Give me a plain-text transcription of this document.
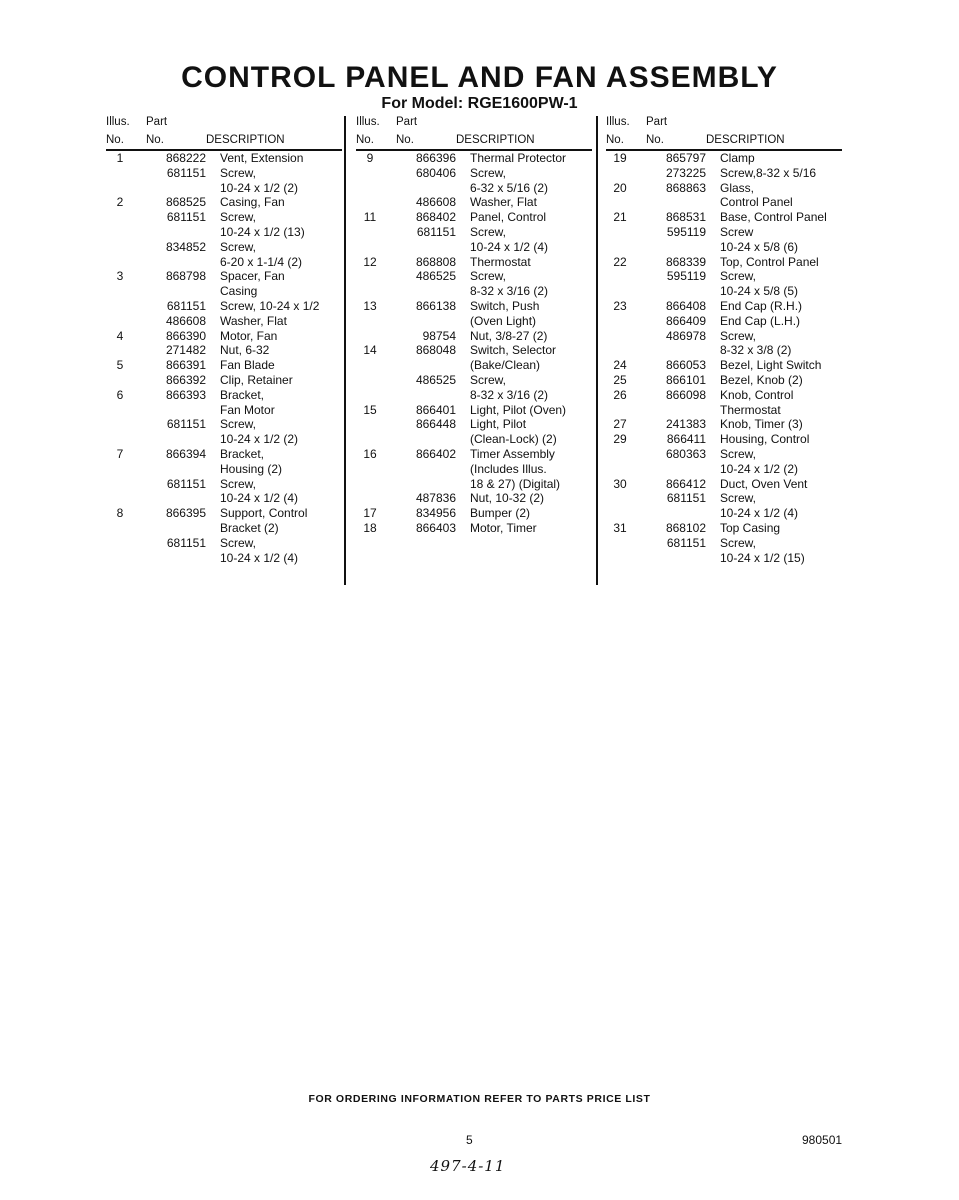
CONTROL PANEL AND FAN ASSEMBLY
For Model: RGE1600PW-1
Illus. Part
No. No.	DESCRIPTION
1	868222 Vent, Extension
681151 Screw,
10-24 x 1/2 (2)
2	868525 Casing, Fan
681151 Screw,
10-24 x 1/2 (13)
834852 Screw,
6-20 x 1-1/4 (2)
3	868798 Spacer, Fan
Casing
681151 Screw, 10-24 x 1/2
486608 Washer, Flat
4	866390 Motor, Fan
271482 Nut, 6-32
5	866391 Fan Blade
866392 Clip, Retainer
6	866393 Bracket,
Fan Motor
681151 Screw,
10-24 x 1/2 (2)
7	866394 Bracket,
Housing (2)
681151 Screw,
10-24 x 1/2 (4)
8	866395 Support, Control
Bracket (2)
681151 Screw,
10-24 x 1/2 (4)
Illus. Part
No. No.	DESCRIPTION
9	866396 Thermal Protector
680406 Screw,
6-32 x 5/16 (2)
486608 Washer, Flat
11	868402 Panel, Control
681151 Screw,
10-24 x 1/2 (4)
12	868808 Thermostat
486525 Screw,
8-32 x 3/16 (2)
13	866138 Switch, Push
(Oven Light)
98754 Nut, 3/8-27 (2)
14	868048 Switch, Selector
(Bake/Clean)
486525 Screw,
8-32 x 3/16 (2)
15	866401 Light, Pilot (Oven)
866448 Light, Pilot
(Clean-Lock) (2)
16	866402 Timer Assembly
(Includes Illus.
18 & 27) (Digital)
487836 Nut, 10-32 (2)
17	834956 Bumper (2)
18	866403 Motor, Timer
Illus. Part
No. No.	DESCRIPTION
19	865797 Clamp
273225 Screw,8-32 x 5/16
20	868863 Glass,
Control Panel
21	868531 Base, Control Panel
595119 Screw
10-24 x 5/8 (6)
22	868339 Top, Control Panel
595119 Screw,
10-24 x 5/8 (5)
23	866408 End Cap (R.H.)
866409 End Cap (L.H.)
486978 Screw,
8-32 x 3/8 (2)
24	866053 Bezel, Light Switch
25	866101 Bezel, Knob (2)
26	866098 Knob, Control
Thermostat
27	241383 Knob, Timer (3)
29	866411 Housing, Control
680363 Screw,
10-24 x 1/2 (2)
30	866412 Duct, Oven Vent
681151 Screw,
10-24 x 1/2 (4)
31	868102 Top Casing
681151 Screw,
10-24 x 1/2 (15)
FOR ORDERING INFORMATION REFER TO PARTS PRICE LIST
5	980501
497-4-11
